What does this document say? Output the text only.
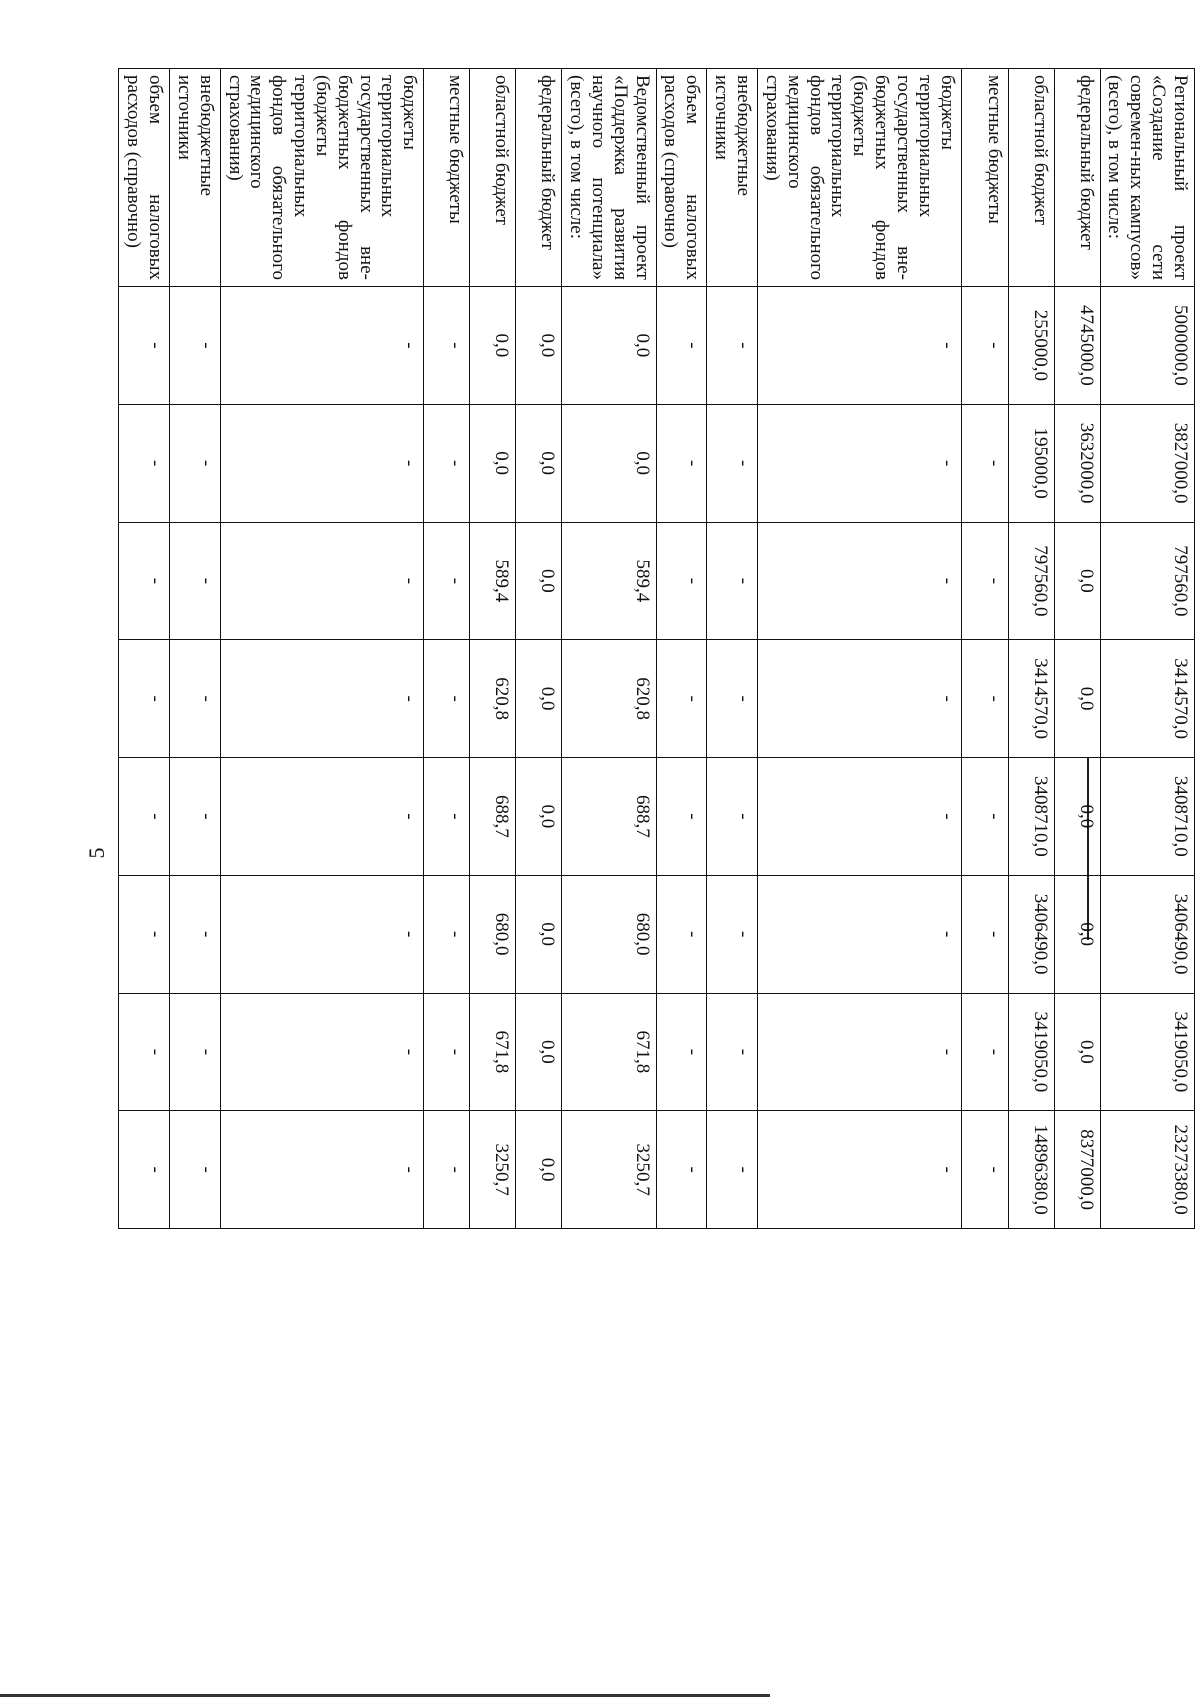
5
Региональный проект «Создание сети современ-ных кампусов» (всего), в том числе:	5000000,0	3827000,0	797560,0	3414570,0	3408710,0	3406490,0	3419050,0	23273380,0
федеральный бюджет	4745000,0	3632000,0	0,0	0,0	0,0	0,0	0,0	8377000,0
областной бюджет	255000,0	195000,0	797560,0	3414570,0	3408710,0	3406490,0	3419050,0	14896380,0
местные бюджеты	-	-	-	-	-	-	-	-
бюджеты территориальных государственных вне-бюджетных фондов (бюджеты территориальных фондов обязательного медицинского страхования)	-	-	-	-	-	-	-	-
внебюджетные источники	-	-	-	-	-	-	-	-
объем налоговых расходов (справочно)	-	-	-	-	-	-	-	-
Ведомственный проект «Поддержка развития научного потенциала» (всего), в том числе:	0,0	0,0	589,4	620,8	688,7	680,0	671,8	3250,7
федеральный бюджет	0,0	0,0	0,0	0,0	0,0	0,0	0,0	0,0
областной бюджет	0,0	0,0	589,4	620,8	688,7	680,0	671,8	3250,7
местные бюджеты	-	-	-	-	-	-	-	-
бюджеты территориальных государственных вне-бюджетных фондов (бюджеты территориальных фондов обязательного медицинского страхования)	-	-	-	-	-	-	-	-
внебюджетные источники	-	-	-	-	-	-	-	-
объем налоговых расходов (справочно)	-	-	-	-	-	-	-	-
